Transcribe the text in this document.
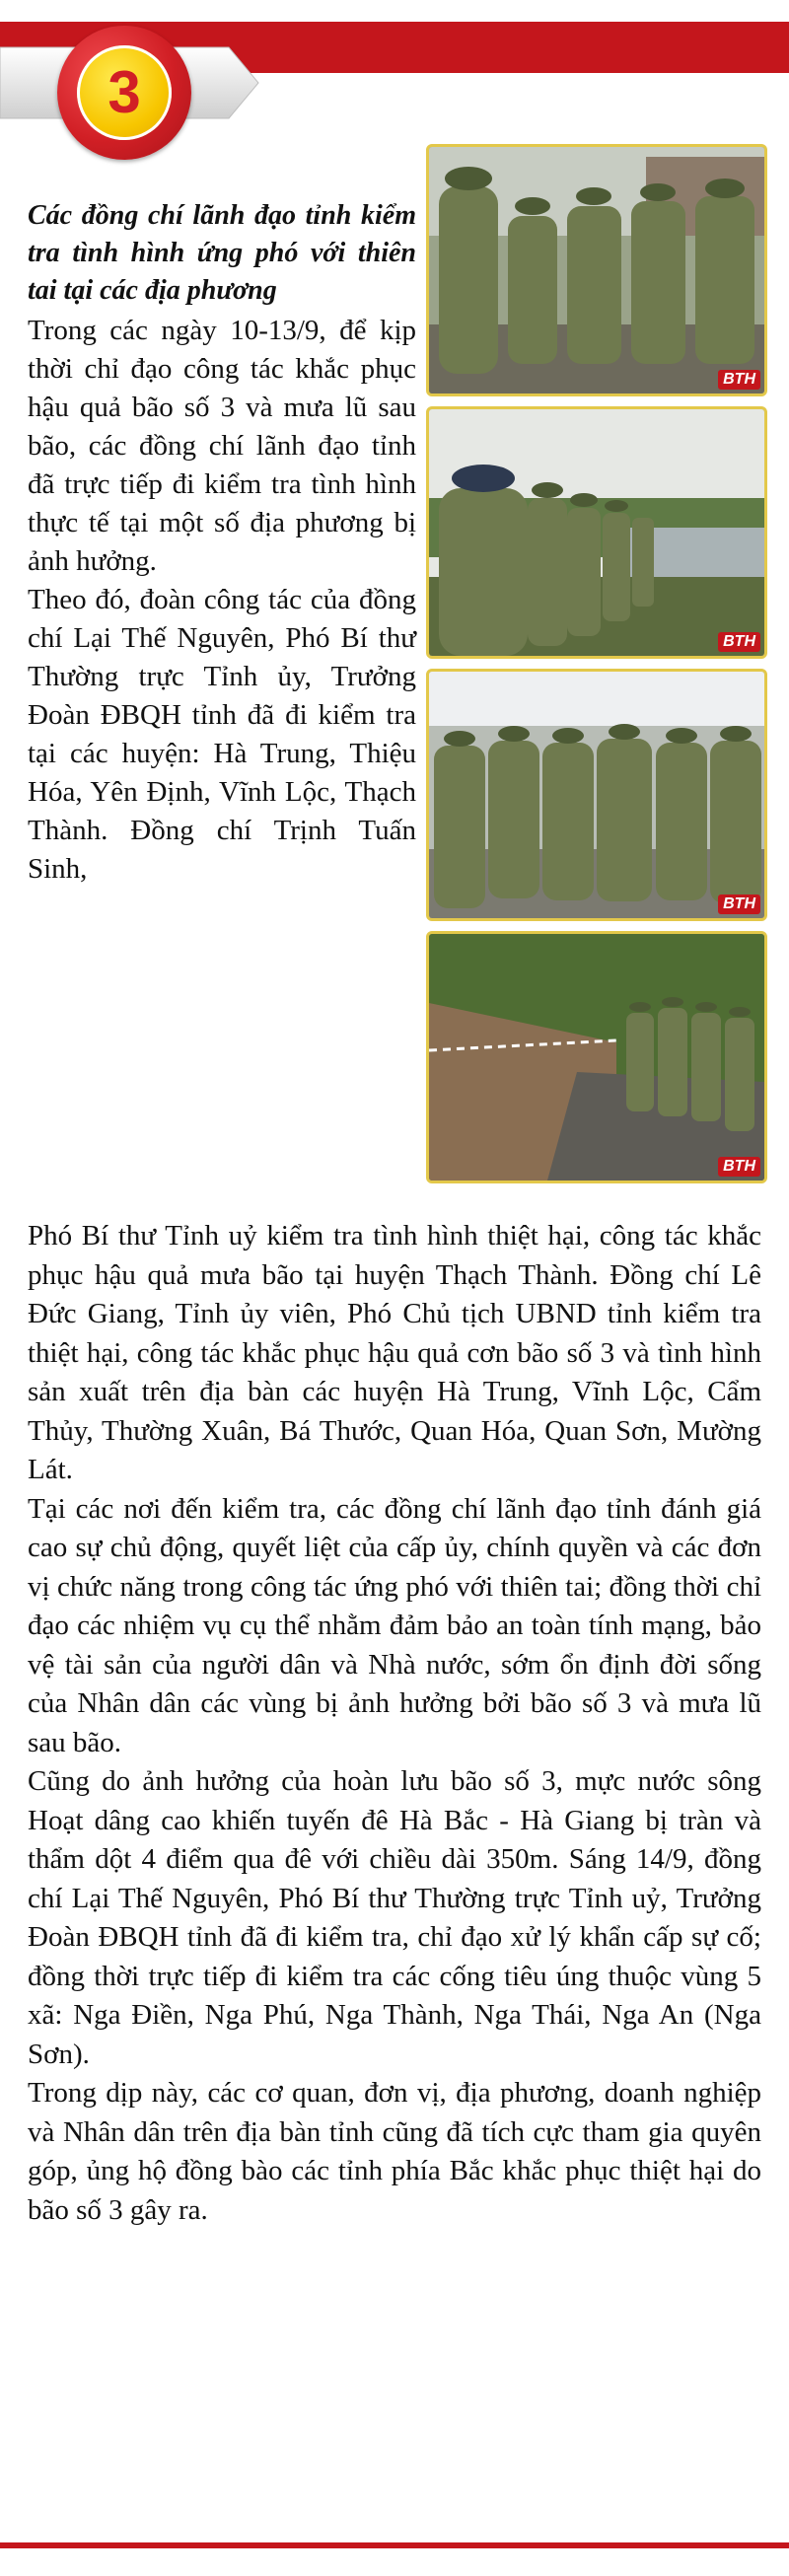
3
BTH
BTH
BTH
BTH

Các đồng chí lãnh đạo tỉnh kiểm tra tình hình ứng phó với thiên tai tại các địa phương

Trong các ngày 10-13/9, để kịp thời chỉ đạo công tác khắc phục hậu quả bão số 3 và mưa lũ sau bão, các đồng chí lãnh đạo tỉnh đã trực tiếp đi kiểm tra tình hình thực tế tại một số địa phương bị ảnh hưởng.

Theo đó, đoàn công tác của đồng chí Lại Thế Nguyên, Phó Bí thư Thường trực Tỉnh ủy, Trưởng Đoàn ĐBQH tỉnh đã đi kiểm tra tại các huyện: Hà Trung, Thiệu Hóa, Yên Định, Vĩnh Lộc, Thạch Thành. Đồng chí Trịnh Tuấn Sinh,

Phó Bí thư Tỉnh uỷ kiểm tra tình hình thiệt hại, công tác khắc phục hậu quả mưa bão tại huyện Thạch Thành. Đồng chí Lê Đức Giang, Tỉnh ủy viên, Phó Chủ tịch UBND tỉnh kiểm tra thiệt hại, công tác khắc phục hậu quả cơn bão số 3 và tình hình sản xuất trên địa bàn các huyện Hà Trung, Vĩnh Lộc, Cẩm Thủy, Thường Xuân, Bá Thước, Quan Hóa, Quan Sơn, Mường Lát.

Tại các nơi đến kiểm tra, các đồng chí lãnh đạo tỉnh đánh giá cao sự chủ động, quyết liệt của cấp ủy, chính quyền và các đơn vị chức năng trong công tác ứng phó với thiên tai; đồng thời chỉ đạo các nhiệm vụ cụ thể nhằm đảm bảo an toàn tính mạng, bảo vệ tài sản của người dân và Nhà nước, sớm ổn định đời sống của Nhân dân các vùng bị ảnh hưởng bởi bão số 3 và mưa lũ sau bão.

Cũng do ảnh hưởng của hoàn lưu bão số 3, mực nước sông Hoạt dâng cao khiến tuyến đê Hà Bắc - Hà Giang bị tràn và thẩm dột 4 điểm qua đê với chiều dài 350m. Sáng 14/9, đồng chí Lại Thế Nguyên, Phó Bí thư Thường trực Tỉnh uỷ, Trưởng Đoàn ĐBQH tỉnh đã đi kiểm tra, chỉ đạo xử lý khẩn cấp sự cố; đồng thời trực tiếp đi kiểm tra các cống tiêu úng thuộc vùng 5 xã: Nga Điền, Nga Phú, Nga Thành, Nga Thái, Nga An (Nga Sơn).

Trong dịp này, các cơ quan, đơn vị, địa phương, doanh nghiệp và Nhân dân trên địa bàn tỉnh cũng đã tích cực tham gia quyên góp, ủng hộ đồng bào các tỉnh phía Bắc khắc phục thiệt hại do bão số 3 gây ra.
